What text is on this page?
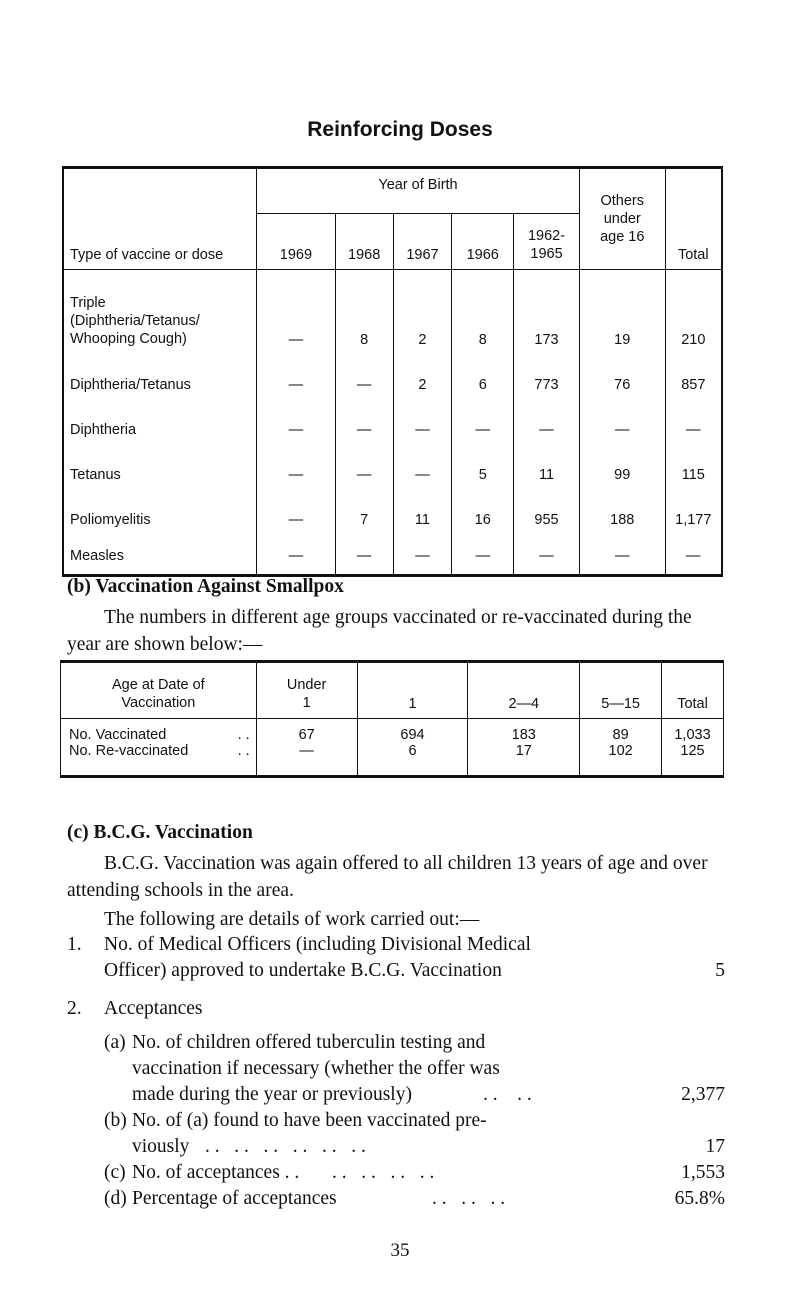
Reinforcing Doses
Type of vaccine or dose	Year of Birth					Others
under
age 16	Total
	1969	1968	1967	1966	1962-
1965		
Triple
(Diphtheria/Tetanus/
Whooping Cough)	—	8	2	8	173	19	210
Diphtheria/Tetanus	—	—	2	6	773	76	857
Diphtheria	—	—	—	—	—	—	—
Tetanus	—	—	—	5	11	99	115
Poliomyelitis	—	7	11	16	955	188	1,177
Measles	—	—	—	—	—	—	—
(b) Vaccination Against Smallpox
The numbers in different age groups vaccinated or re-vaccinated during the year are shown below:—
Age at Date of
Vaccination	Under
1	1	2—4	5—15	Total
No. Vaccinated . .	67	694	183	89	1,033
No. Re-vaccinated . .	—	6	17	102	125
(c) B.C.G. Vaccination
B.C.G. Vaccination was again offered to all children 13 years of age and over attending schools in the area.
The following are details of work carried out:—
1. No. of Medical Officers (including Divisional Medical
Officer) approved to undertake B.C.G. Vaccination	5
2. Acceptances
(a) No. of children offered tuberculin testing and
vaccination if necessary (whether the offer was
made during the year or previously)	. .    . .	2,377
(b) No. of (a) found to have been vaccinated pre-
viously . .   . .   . .   . .   . .   . .	17
(c) No. of acceptances . . . .   . .   . .   . .	1,553
(d) Percentage of acceptances	. .   . .   . .	65.8%
35
